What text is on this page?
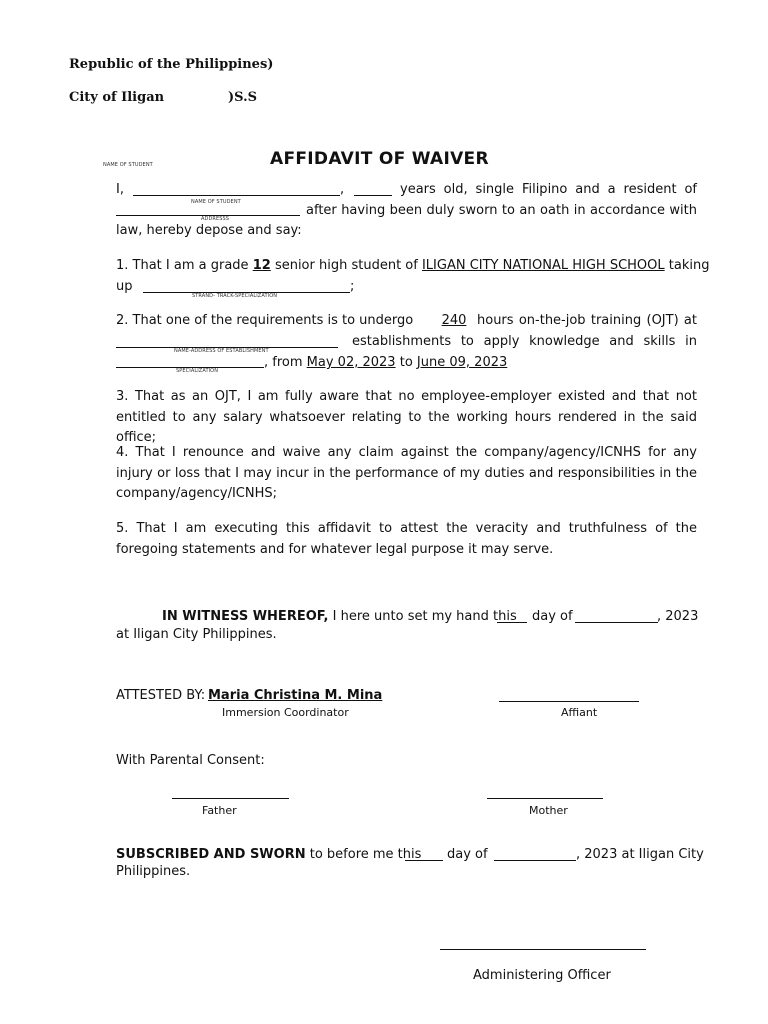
Republic of the Philippines)
City of Iligan	)S.S
NAME OF STUDENT	AFFIDAVIT OF WAIVER
I,	,	years old, single Filipino and a resident of
NAME OF STUDENT
ADDRESSS
after having been duly sworn to an oath in accordance with
law, hereby depose and say:
1. That I am a grade 12 senior high student of ILIGAN CITY NATIONAL HIGH SCHOOL taking
up	;
STRAND- TRACK-SPECIALIZATION
2. That one of the requirements is to undergo	240 hours on-the-job training (OJT) at
NAME-ADDRESS OF ESTABLISHMENT
establishments to apply knowledge and skills in
SPECIALIZATION
, from May 02, 2023 to June 09, 2023
3. That as an OJT, I am fully aware that no employee-employer existed and that not entitled to any salary whatsoever relating to the working hours rendered in the said office;
4. That I renounce and waive any claim against the company/agency/ICNHS for any injury or loss that I may incur in the performance of my duties and responsibilities in the company/agency/ICNHS;
5. That I am executing this affidavit to attest the veracity and truthfulness of the foregoing statements and for whatever legal purpose it may serve.
IN WITNESS WHEREOF, I here unto set my hand this day of	, 2023
at Iligan City Philippines.
ATTESTED BY: Maria Christina M. Mina
Immersion Coordinator	Affiant
With Parental Consent:
Father	Mother
SUBSCRIBED AND SWORN to before me this day of	, 2023 at Iligan City
Philippines.
Administering Officer
